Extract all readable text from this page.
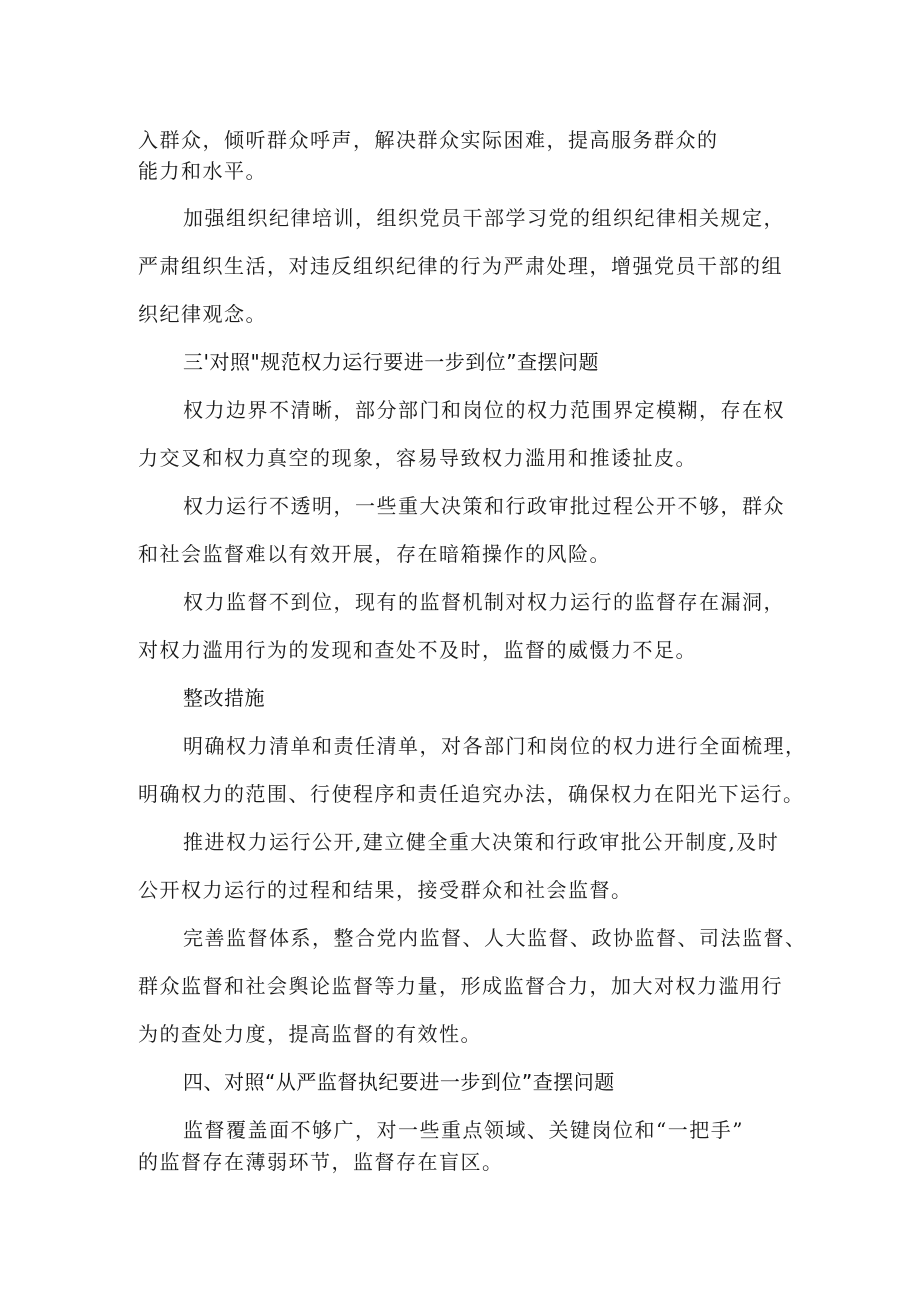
入群众，倾听群众呼声，解决群众实际困难，提高服务群众的
能力和水平。
加强组织纪律培训，组织党员干部学习党的组织纪律相关规定，
严肃组织生活，对违反组织纪律的行为严肃处理，增强党员干部的组
织纪律观念。
三'对照"规范权力运行要进一步到位”查摆问题
权力边界不清晰，部分部门和岗位的权力范围界定模糊，存在权
力交叉和权力真空的现象，容易导致权力滥用和推诿扯皮。
权力运行不透明，一些重大决策和行政审批过程公开不够，群众
和社会监督难以有效开展，存在暗箱操作的风险。
权力监督不到位，现有的监督机制对权力运行的监督存在漏洞，
对权力滥用行为的发现和查处不及时，监督的威慑力不足。
整改措施
明确权力清单和责任清单，对各部门和岗位的权力进行全面梳理，
明确权力的范围、行使程序和责任追究办法，确保权力在阳光下运行。
推进权力运行公开,建立健全重大决策和行政审批公开制度,及时
公开权力运行的过程和结果，接受群众和社会监督。
完善监督体系，整合党内监督、人大监督、政协监督、司法监督、
群众监督和社会舆论监督等力量，形成监督合力，加大对权力滥用行
为的查处力度，提高监督的有效性。
四、对照“从严监督执纪要进一步到位”查摆问题
监督覆盖面不够广，对一些重点领域、关键岗位和“一把手”
的监督存在薄弱环节，监督存在盲区。
